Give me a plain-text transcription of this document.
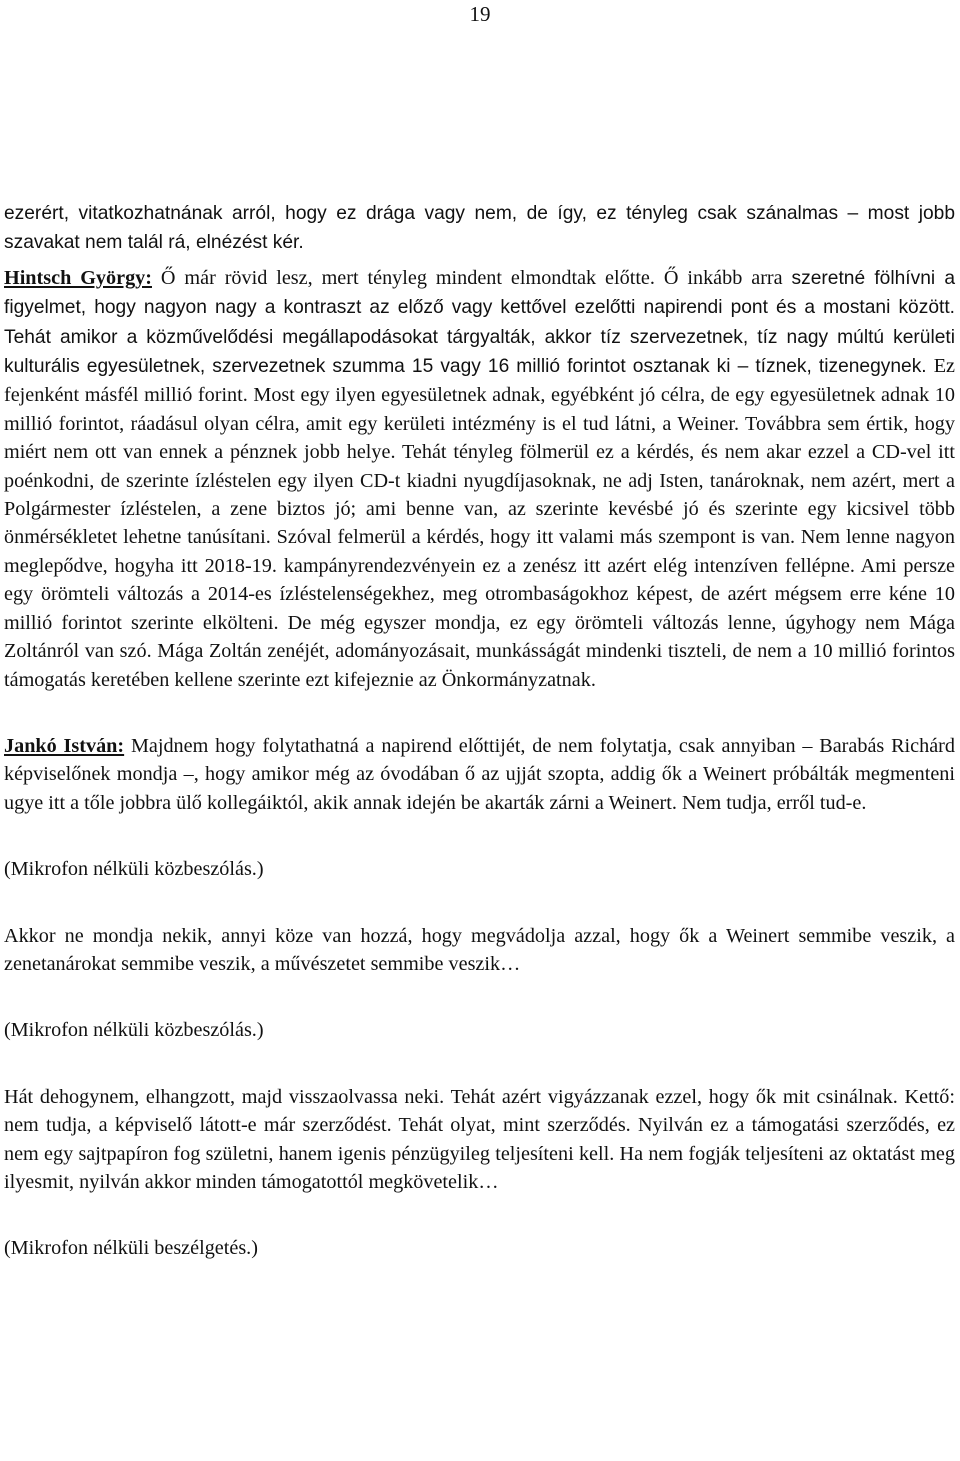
19

ezerért, vitatkozhatnának arról, hogy ez drága vagy nem, de így, ez tényleg csak szánalmas – most jobb szavakat nem talál rá, elnézést kér.

Hintsch György: Ő már rövid lesz, mert tényleg mindent elmondtak előtte. Ő inkább arra szeretné fölhívni a figyelmet, hogy nagyon nagy a kontraszt az előző vagy kettővel ezelőtti napirendi pont és a mostani között. Tehát amikor a közművelődési megállapodásokat tárgyalták, akkor tíz szervezetnek, tíz nagy múltú kerületi kulturális egyesületnek, szervezetnek szumma 15 vagy 16 millió forintot osztanak ki – tíznek, tizenegynek. Ez fejenként másfél millió forint. Most egy ilyen egyesületnek adnak, egyébként jó célra, de egy egyesületnek adnak 10 millió forintot, ráadásul olyan célra, amit egy kerületi intézmény is el tud látni, a Weiner. Továbbra sem értik, hogy miért nem ott van ennek a pénznek jobb helye. Tehát tényleg fölmerül ez a kérdés, és nem akar ezzel a CD-vel itt poénkodni, de szerinte ízléstelen egy ilyen CD-t kiadni nyugdíjasoknak, ne adj Isten, tanároknak, nem azért, mert a Polgármester ízléstelen, a zene biztos jó; ami benne van, az szerinte kevésbé jó és szerinte egy kicsivel több önmérsékletet lehetne tanúsítani. Szóval felmerül a kérdés, hogy itt valami más szempont is van. Nem lenne nagyon meglepődve, hogyha itt 2018-19. kampányrendezvényein ez a zenész itt azért elég intenzíven fellépne. Ami persze egy örömteli változás a 2014-es ízléstelenségekhez, meg otrombaságokhoz képest, de azért mégsem erre kéne 10 millió forintot szerinte elkölteni. De még egyszer mondja, ez egy örömteli változás lenne, úgyhogy nem Mága Zoltánról van szó. Mága Zoltán zenéjét, adományozásait, munkásságát mindenki tiszteli, de nem a 10 millió forintos támogatás keretében kellene szerinte ezt kifejeznie az Önkormányzatnak.

Jankó István: Majdnem hogy folytathatná a napirend előttijét, de nem folytatja, csak annyiban – Barabás Richárd képviselőnek mondja –, hogy amikor még az óvodában ő az ujját szopta, addig ők a Weinert próbálták megmenteni ugye itt a tőle jobbra ülő kollegáiktól, akik annak idején be akarták zárni a Weinert. Nem tudja, erről tud-e.

(Mikrofon nélküli közbeszólás.)

Akkor ne mondja nekik, annyi köze van hozzá, hogy megvádolja azzal, hogy ők a Weinert semmibe veszik, a zenetanárokat semmibe veszik, a művészetet semmibe veszik…

(Mikrofon nélküli közbeszólás.)

Hát dehogynem, elhangzott, majd visszaolvassa neki. Tehát azért vigyázzanak ezzel, hogy ők mit csinálnak. Kettő: nem tudja, a képviselő látott-e már szerződést. Tehát olyat, mint szerződés. Nyilván ez a támogatási szerződés, ez nem egy sajtpapíron fog születni, hanem igenis pénzügyileg teljesíteni kell. Ha nem fogják teljesíteni az oktatást meg ilyesmit, nyilván akkor minden támogatottól megkövetelik…

(Mikrofon nélküli beszélgetés.)
